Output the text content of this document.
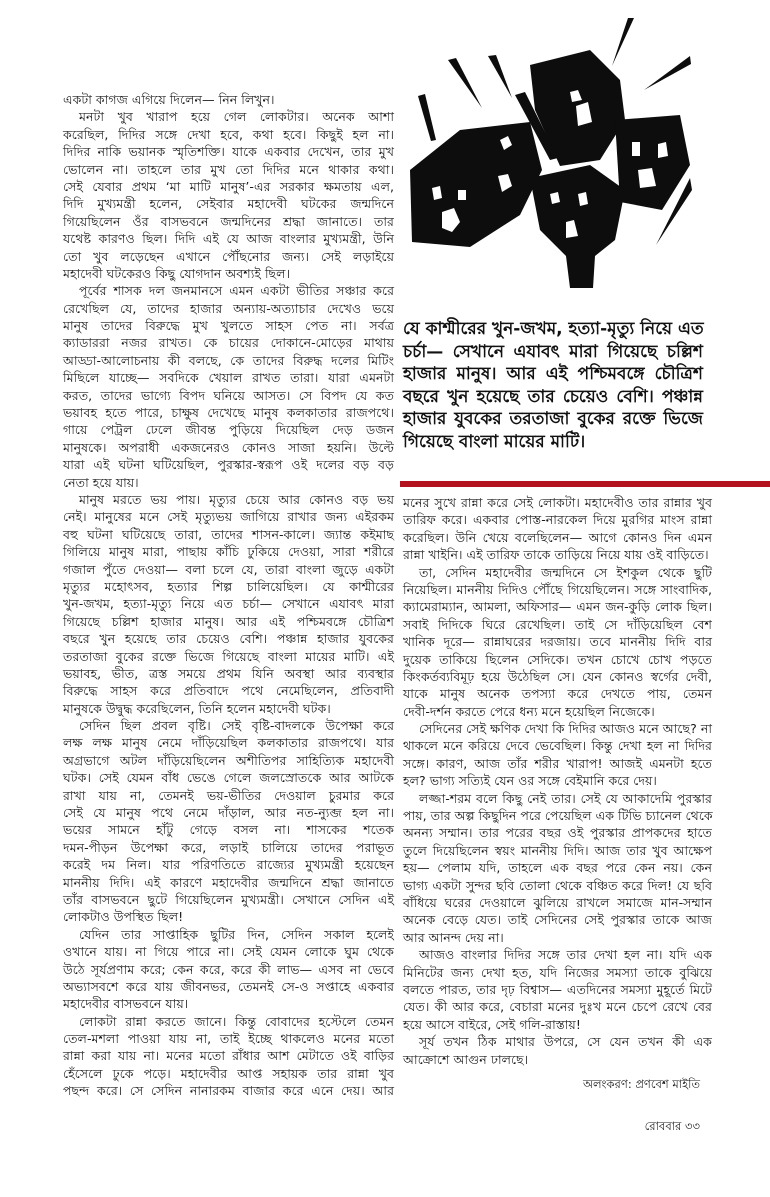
একটা কাগজ এগিয়ে দিলেন— নিন লিখুন।
মনটা খুব খারাপ হয়ে গেল লোকটার। অনেক আশা
করেছিল, দিদির সঙ্গে দেখা হবে, কথা হবে। কিছুই হল না।
দিদির নাকি ভয়ানক স্মৃতিশক্তি। যাকে একবার দেখেন, তার মুখ
ভোলেন না। তাহলে তার মুখ তো দিদির মনে থাকার কথা।
সেই যেবার প্রথম ‘মা মাটি মানুষ’-এর সরকার ক্ষমতায় এল,
দিদি মুখ্যমন্ত্রী হলেন, সেইবার মহাদেবী ঘটকের জন্মদিনে
গিয়েছিলেন ওঁর বাসভবনে জন্মদিনের শ্রদ্ধা জানাতে। তার
যথেষ্ট কারণও ছিল। দিদি এই যে আজ বাংলার মুখ্যমন্ত্রী, উনি
তো খুব লড়েছেন এখানে পৌঁছনোর জন্য। সেই লড়াইয়ে
মহাদেবী ঘটকেরও কিছু যোগদান অবশ্যই ছিল।
পূর্বের শাসক দল জনমানসে এমন একটা ভীতির সঞ্চার করে
রেখেছিল যে, তাদের হাজার অন্যায়-অত্যাচার দেখেও ভয়ে
মানুষ তাদের বিরুদ্ধে মুখ খুলতে সাহস পেত না। সর্বত্র
ক্যাডাররা নজর রাখত। কে চায়ের দোকানে-মোড়ের মাথায়
আড্ডা-আলোচনায় কী বলছে, কে তাদের বিরুদ্ধ দলের মিটিং
মিছিলে যাচ্ছে— সবদিকে খেয়াল রাখত তারা। যারা এমনটা
করত, তাদের ভাগ্যে বিপদ ঘনিয়ে আসত। সে বিপদ যে কত
ভয়াবহ হতে পারে, চাক্ষুষ দেখেছে মানুষ কলকাতার রাজপথে।
গায়ে পেট্রল ঢেলে জীবন্ত পুড়িয়ে দিয়েছিল দেড় ডজন
মানুষকে। অপরাধী একজনেরও কোনও সাজা হয়নি। উল্টে
যারা এই ঘটনা ঘটিয়েছিল, পুরস্কার-স্বরূপ ওই দলের বড় বড়
নেতা হয়ে যায়।
মানুষ মরতে ভয় পায়। মৃত্যুর চেয়ে আর কোনও বড় ভয়
নেই। মানুষের মনে সেই মৃত্যুভয় জাগিয়ে রাখার জন্য এইরকম
বহু ঘটনা ঘটিয়েছে তারা, তাদের শাসন-কালে। জ্যান্ত কইমাছ
গিলিয়ে মানুষ মারা, পাছায় কাঁচি ঢুকিয়ে দেওয়া, সারা শরীরে
গজাল পুঁতে দেওয়া— বলা চলে যে, তারা বাংলা জুড়ে একটা
মৃত্যুর মহোৎসব, হত্যার শিল্প চালিয়েছিল। যে কাশ্মীরের
খুন-জখম, হত্যা-মৃত্যু নিয়ে এত চর্চা— সেখানে এযাবৎ মারা
গিয়েছে চল্লিশ হাজার মানুষ। আর এই পশ্চিমবঙ্গে চৌত্রিশ
বছরে খুন হয়েছে তার চেয়েও বেশি। পঞ্চান্ন হাজার যুবকের
তরতাজা বুকের রক্তে ভিজে গিয়েছে বাংলা মায়ের মাটি। এই
ভয়াবহ, ভীত, ত্রস্ত সময়ে প্রথম যিনি অবস্থা আর ব্যবস্থার
বিরুদ্ধে সাহস করে প্রতিবাদে পথে নেমেছিলেন, প্রতিবাদী
মানুষকে উদ্বুদ্ধ করেছিলেন, তিনি হলেন মহাদেবী ঘটক।
সেদিন ছিল প্রবল বৃষ্টি। সেই বৃষ্টি-বাদলকে উপেক্ষা করে
লক্ষ লক্ষ মানুষ নেমে দাঁড়িয়েছিল কলকাতার রাজপথে। যার
অগ্রভাগে অটল দাঁড়িয়েছিলেন অশীতিপর সাহিত্যিক মহাদেবী
ঘটক। সেই যেমন বাঁধ ভেঙে গেলে জলস্রোতকে আর আটকে
রাখা যায় না, তেমনই ভয়-ভীতির দেওয়াল চুরমার করে
সেই যে মানুষ পথে নেমে দাঁড়াল, আর নত-ন্যুব্জ হল না।
ভয়ের সামনে হাঁটু গেড়ে বসল না। শাসকের শতেক
দমন-পীড়ন উপেক্ষা করে, লড়াই চালিয়ে তাদের পরাভূত
করেই দম নিল। যার পরিণতিতে রাজ্যের মুখ্যমন্ত্রী হয়েছেন
মাননীয় দিদি। এই কারণে মহাদেবীর জন্মদিনে শ্রদ্ধা জানাতে
তাঁর বাসভবনে ছুটে গিয়েছিলেন মুখ্যমন্ত্রী। সেখানে সেদিন এই
লোকটাও উপস্থিত ছিল!
যেদিন তার সাপ্তাহিক ছুটির দিন, সেদিন সকাল হলেই
ওখানে যায়। না গিয়ে পারে না। সেই যেমন লোকে ঘুম থেকে
উঠে সূর্যপ্রণাম করে; কেন করে, করে কী লাভ— এসব না ভেবে
অভ্যাসবশে করে যায় জীবনভর, তেমনই সে-ও সপ্তাহে একবার
মহাদেবীর বাসভবনে যায়।
লোকটা রান্না করতে জানে। কিন্তু বোবাদের হস্টেলে তেমন
তেল-মশলা পাওয়া যায় না, তাই ইচ্ছে থাকলেও মনের মতো
রান্না করা যায় না। মনের মতো রাঁধার আশ মেটাতে ওই বাড়ির
হেঁসেলে ঢুকে পড়ে। মহাদেবীর আপ্ত সহায়ক তার রান্না খুব
পছন্দ করে। সে সেদিন নানারকম বাজার করে এনে দেয়। আর
যে কাশ্মীরের খুন-জখম, হত্যা-মৃত্যু নিয়ে এত
চর্চা— সেখানে এযাবৎ মারা গিয়েছে চল্লিশ
হাজার মানুষ। আর এই পশ্চিমবঙ্গে চৌত্রিশ
বছরে খুন হয়েছে তার চেয়েও বেশি। পঞ্চান্ন
হাজার যুবকের তরতাজা বুকের রক্তে ভিজে
গিয়েছে বাংলা মায়ের মাটি।
মনের সুখে রান্না করে সেই লোকটা। মহাদেবীও তার রান্নার খুব
তারিফ করে। একবার পোস্ত-নারকেল দিয়ে মুরগির মাংস রান্না
করেছিল। উনি খেয়ে বলেছিলেন— আগে কোনও দিন এমন
রান্না খাইনি। এই তারিফ তাকে তাড়িয়ে নিয়ে যায় ওই বাড়িতে।
তা, সেদিন মহাদেবীর জন্মদিনে সে ইশকুল থেকে ছুটি
নিয়েছিল। মাননীয় দিদিও পৌঁছে গিয়েছিলেন। সঙ্গে সাংবাদিক,
ক্যামেরাম্যান, আমলা, অফিসার— এমন জন-কুড়ি লোক ছিল।
সবাই দিদিকে ঘিরে রেখেছিল। তাই সে দাঁড়িয়েছিল বেশ
খানিক দূরে— রান্নাঘরের দরজায়। তবে মাননীয় দিদি বার
দুয়েক তাকিয়ে ছিলেন সেদিকে। তখন চোখে চোখ পড়তে
কিংকর্তব্যবিমূঢ় হয়ে উঠেছিল সে। যেন কোনও স্বর্গের দেবী,
যাকে মানুষ অনেক তপস্যা করে দেখতে পায়, তেমন
দেবী-দর্শন করতে পেরে ধন্য মনে হয়েছিল নিজেকে।
সেদিনের সেই ক্ষণিক দেখা কি দিদির আজও মনে আছে? না
থাকলে মনে করিয়ে দেবে ভেবেছিল। কিন্তু দেখা হল না দিদির
সঙ্গে। কারণ, আজ তাঁর শরীর খারাপ! আজই এমনটা হতে
হল? ভাগ্য সত্যিই যেন ওর সঙ্গে বেইমানি করে দেয়।
লজ্জা-শরম বলে কিছু নেই তার। সেই যে আকাদেমি পুরস্কার
পায়, তার অল্প কিছুদিন পরে পেয়েছিল এক টিভি চ্যানেল থেকে
অনন্য সম্মান। তার পরের বছর ওই পুরস্কার প্রাপকদের হাতে
তুলে দিয়েছিলেন স্বয়ং মাননীয় দিদি। আজ তার খুব আক্ষেপ
হয়— পেলাম যদি, তাহলে এক বছর পরে কেন নয়। কেন
ভাগ্য একটা সুন্দর ছবি তোলা থেকে বঞ্চিত করে দিল! যে ছবি
বাঁধিয়ে ঘরের দেওয়ালে ঝুলিয়ে রাখলে সমাজে মান-সম্মান
অনেক বেড়ে যেত। তাই সেদিনের সেই পুরস্কার তাকে আজ
আর আনন্দ দেয় না।
আজও বাংলার দিদির সঙ্গে তার দেখা হল না। যদি এক
মিনিটের জন্য দেখা হত, যদি নিজের সমস্যা তাকে বুঝিয়ে
বলতে পারত, তার দৃঢ় বিশ্বাস— এতদিনের সমস্যা মুহূর্তে মিটে
যেত। কী আর করে, বেচারা মনের দুঃখ মনে চেপে রেখে বের
হয়ে আসে বাইরে, সেই গলি-রাস্তায়!
সূর্য তখন ঠিক মাথার উপরে, সে যেন তখন কী এক
আক্রোশে আগুন ঢালছে।
অলংকরণ: প্রণবেশ মাইতি
রোববার ৩৩
